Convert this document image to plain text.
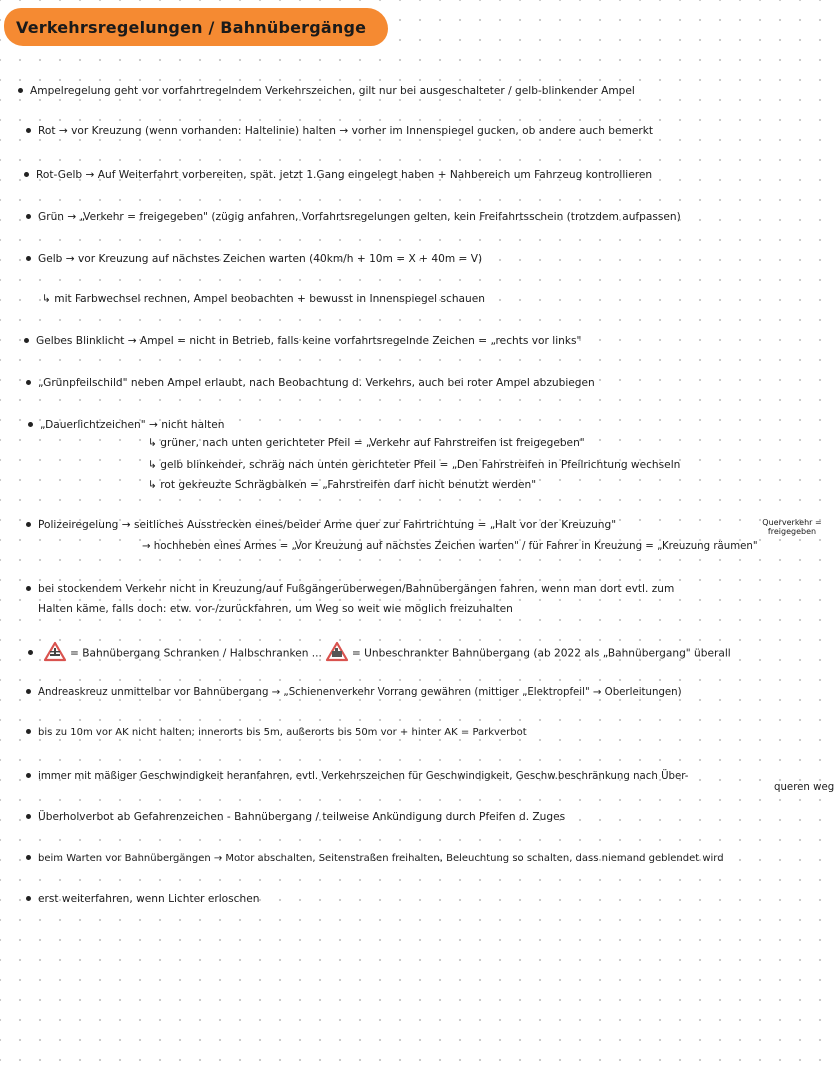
Verkehrsregelungen / Bahnübergänge
Ampelregelung geht vor vorfahrtregelndem Verkehrszeichen, gilt nur bei ausgeschalteter / gelb-blinkender Ampel
Rot → vor Kreuzung (wenn vorhanden: Haltelinie) halten → vorher im Innenspiegel gucken, ob andere auch bemerkt
Rot-Gelb → Auf Weiterfahrt vorbereiten, spät. jetzt 1.Gang eingelegt haben + Nahbereich um Fahrzeug kontrollieren
Grün → „Verkehr = freigegeben" (zügig anfahren, Vorfahrtsregelungen gelten, kein Freifahrtsschein (trotzdem aufpassen)
Gelb → vor Kreuzung auf nächstes Zeichen warten (40km/h + 10m = X + 40m = V)
↳ mit Farbwechsel rechnen, Ampel beobachten + bewusst in Innenspiegel schauen
Gelbes Blinklicht → Ampel = nicht in Betrieb, falls keine vorfahrtsregelnde Zeichen = „rechts vor links"
„Grünpfeilschild" neben Ampel erlaubt, nach Beobachtung d. Verkehrs, auch bei roter Ampel abzubiegen
„Dauerlichtzeichen" → nicht halten
↳ grüner, nach unten gerichteter Pfeil = „Verkehr auf Fahrstreifen ist freigegeben"
↳ gelb blinkender, schräg nach unten gerichteter Pfeil = „Den Fahrstreifen in Pfeilrichtung wechseln
↳ rot gekreuzte Schrägbalken = „Fahrstreifen darf nicht benutzt werden"
Polizeiregelung → seitliches Ausstrecken eines/beider Arme quer zur Fahrtrichtung = „Halt vor der Kreuzung"	Querverkehr = freigegeben
→ hochheben eines Armes = „Vor Kreuzung auf nächstes Zeichen warten" / für Fahrer in Kreuzung = „Kreuzung räumen"
bei stockendem Verkehr nicht in Kreuzung/auf Fußgängerüberwegen/Bahnübergängen fahren, wenn man dort evtl. zum
Halten käme, falls doch: etw. vor-/zurückfahren, um Weg so weit wie möglich freizuhalten
= Bahnübergang Schranken / Halbschranken ...	= Unbeschrankter Bahnübergang (ab 2022 als „Bahnübergang" überall
Andreaskreuz unmittelbar vor Bahnübergang → „Schienenverkehr Vorrang gewähren (mittiger „Elektropfeil" → Oberleitungen)
bis zu 10m vor AK nicht halten; innerorts bis 5m, außerorts bis 50m vor + hinter AK = Parkverbot
immer mit mäßiger Geschwindigkeit heranfahren, evtl. Verkehrszeichen für Geschwindigkeit, Geschw.beschränkung nach Über-
queren weg
Überholverbot ab Gefahrenzeichen - Bahnübergang / teilweise Ankündigung durch Pfeifen d. Zuges
beim Warten vor Bahnübergängen → Motor abschalten, Seitenstraßen freihalten, Beleuchtung so schalten, dass niemand geblendet wird
erst weiterfahren, wenn Lichter erloschen
